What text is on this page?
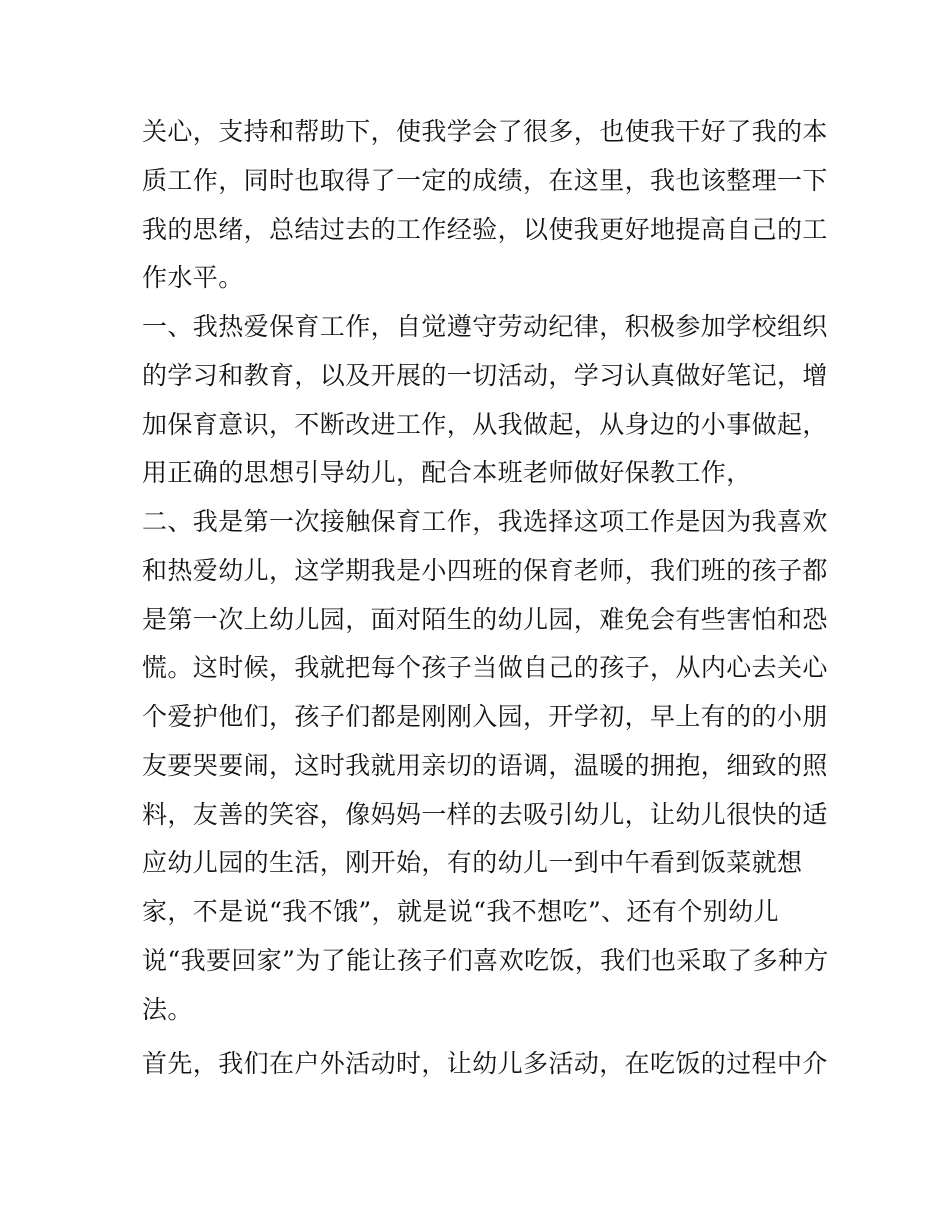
关心，支持和帮助下，使我学会了很多，也使我干好了我的本
质工作，同时也取得了一定的成绩，在这里，我也该整理一下
我的思绪，总结过去的工作经验，以使我更好地提高自己的工
作水平。
一、我热爱保育工作，自觉遵守劳动纪律，积极参加学校组织
的学习和教育，以及开展的一切活动，学习认真做好笔记，增
加保育意识，不断改进工作，从我做起，从身边的小事做起，
用正确的思想引导幼儿，配合本班老师做好保教工作，
二、我是第一次接触保育工作，我选择这项工作是因为我喜欢
和热爱幼儿，这学期我是小四班的保育老师，我们班的孩子都
是第一次上幼儿园，面对陌生的幼儿园，难免会有些害怕和恐
慌。这时候，我就把每个孩子当做自己的孩子，从内心去关心
个爱护他们，孩子们都是刚刚入园，开学初，早上有的的小朋
友要哭要闹，这时我就用亲切的语调，温暖的拥抱，细致的照
料，友善的笑容，像妈妈一样的去吸引幼儿，让幼儿很快的适
应幼儿园的生活，刚开始，有的幼儿一到中午看到饭菜就想
家，不是说“我不饿”，就是说“我不想吃”、还有个别幼儿
说“我要回家”为了能让孩子们喜欢吃饭，我们也采取了多种方
法。
首先，我们在户外活动时，让幼儿多活动，在吃饭的过程中介
